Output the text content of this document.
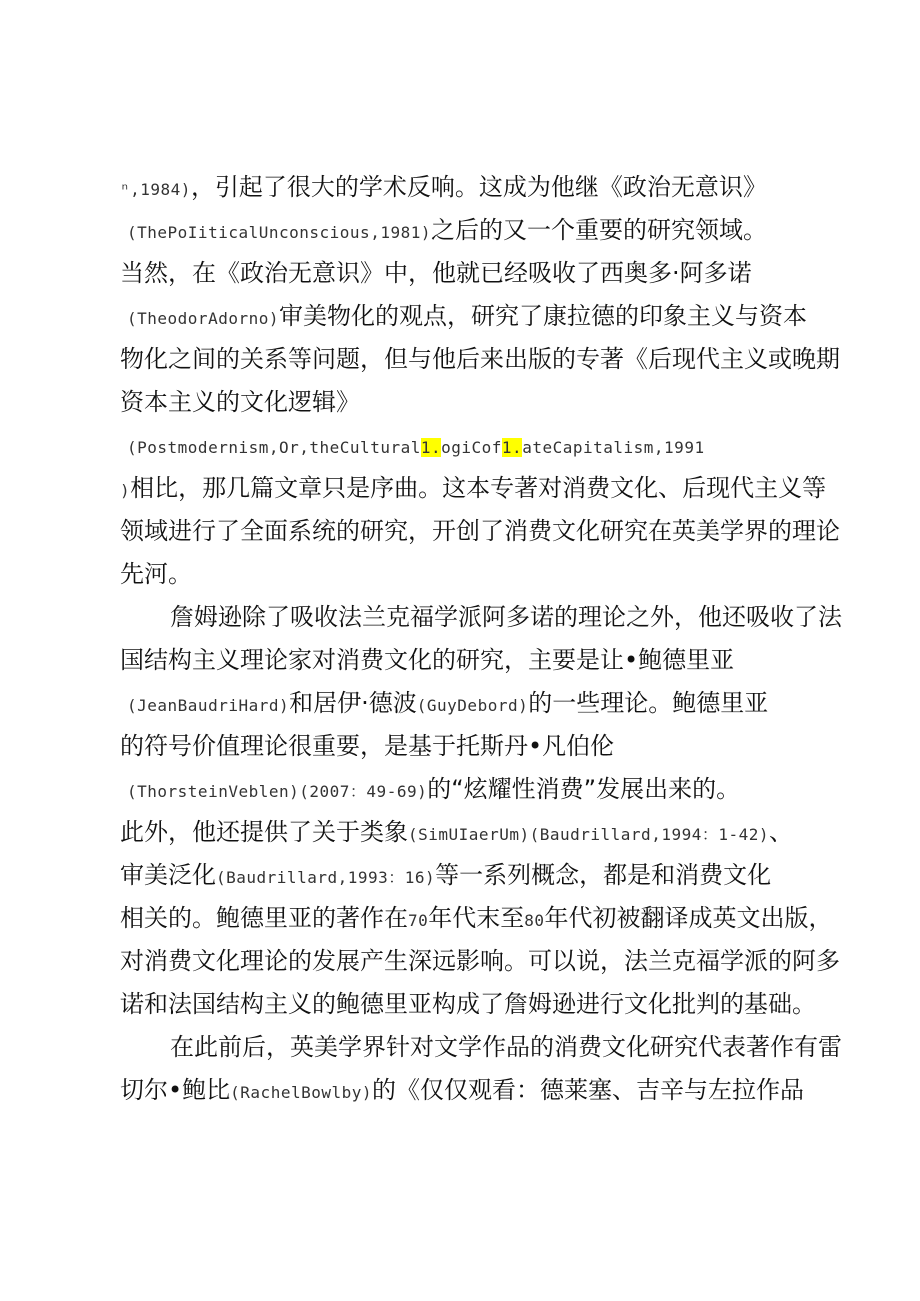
ⁿ,1984)，引起了很大的学术反响。这成为他继《政治无意识》
(ThePoIiticalUnconscious,1981)之后的又一个重要的研究领域。
当然，在《政治无意识》中，他就已经吸收了西奥多·阿多诺
(TheodorAdorno)审美物化的观点，研究了康拉德的印象主义与资本
物化之间的关系等问题，但与他后来出版的专著《后现代主义或晚期
资本主义的文化逻辑》
(Postmodernism,Or,theCultural1.ogiCof1.ateCapitalism,1991
)相比，那几篇文章只是序曲。这本专著对消费文化、后现代主义等
领域进行了全面系统的研究，开创了消费文化研究在英美学界的理论
先河。
詹姆逊除了吸收法兰克福学派阿多诺的理论之外，他还吸收了法
国结构主义理论家对消费文化的研究，主要是让•鲍德里亚
(JeanBaudriHard)和居伊·德波(GuyDebord)的一些理论。鲍德里亚
的符号价值理论很重要，是基于托斯丹•凡伯伦
(ThorsteinVeblen)(2007：49-69)的“炫耀性消费”发展出来的。
此外，他还提供了关于类象(SimUIaerUm)(Baudrillard,1994：1-42)、
审美泛化(Baudrillard,1993：16)等一系列概念，都是和消费文化
相关的。鲍德里亚的著作在70年代末至80年代初被翻译成英文出版，
对消费文化理论的发展产生深远影响。可以说，法兰克福学派的阿多
诺和法国结构主义的鲍德里亚构成了詹姆逊进行文化批判的基础。
在此前后，英美学界针对文学作品的消费文化研究代表著作有雷
切尔•鲍比(RachelBowlby)的《仅仅观看：德莱塞、吉辛与左拉作品
